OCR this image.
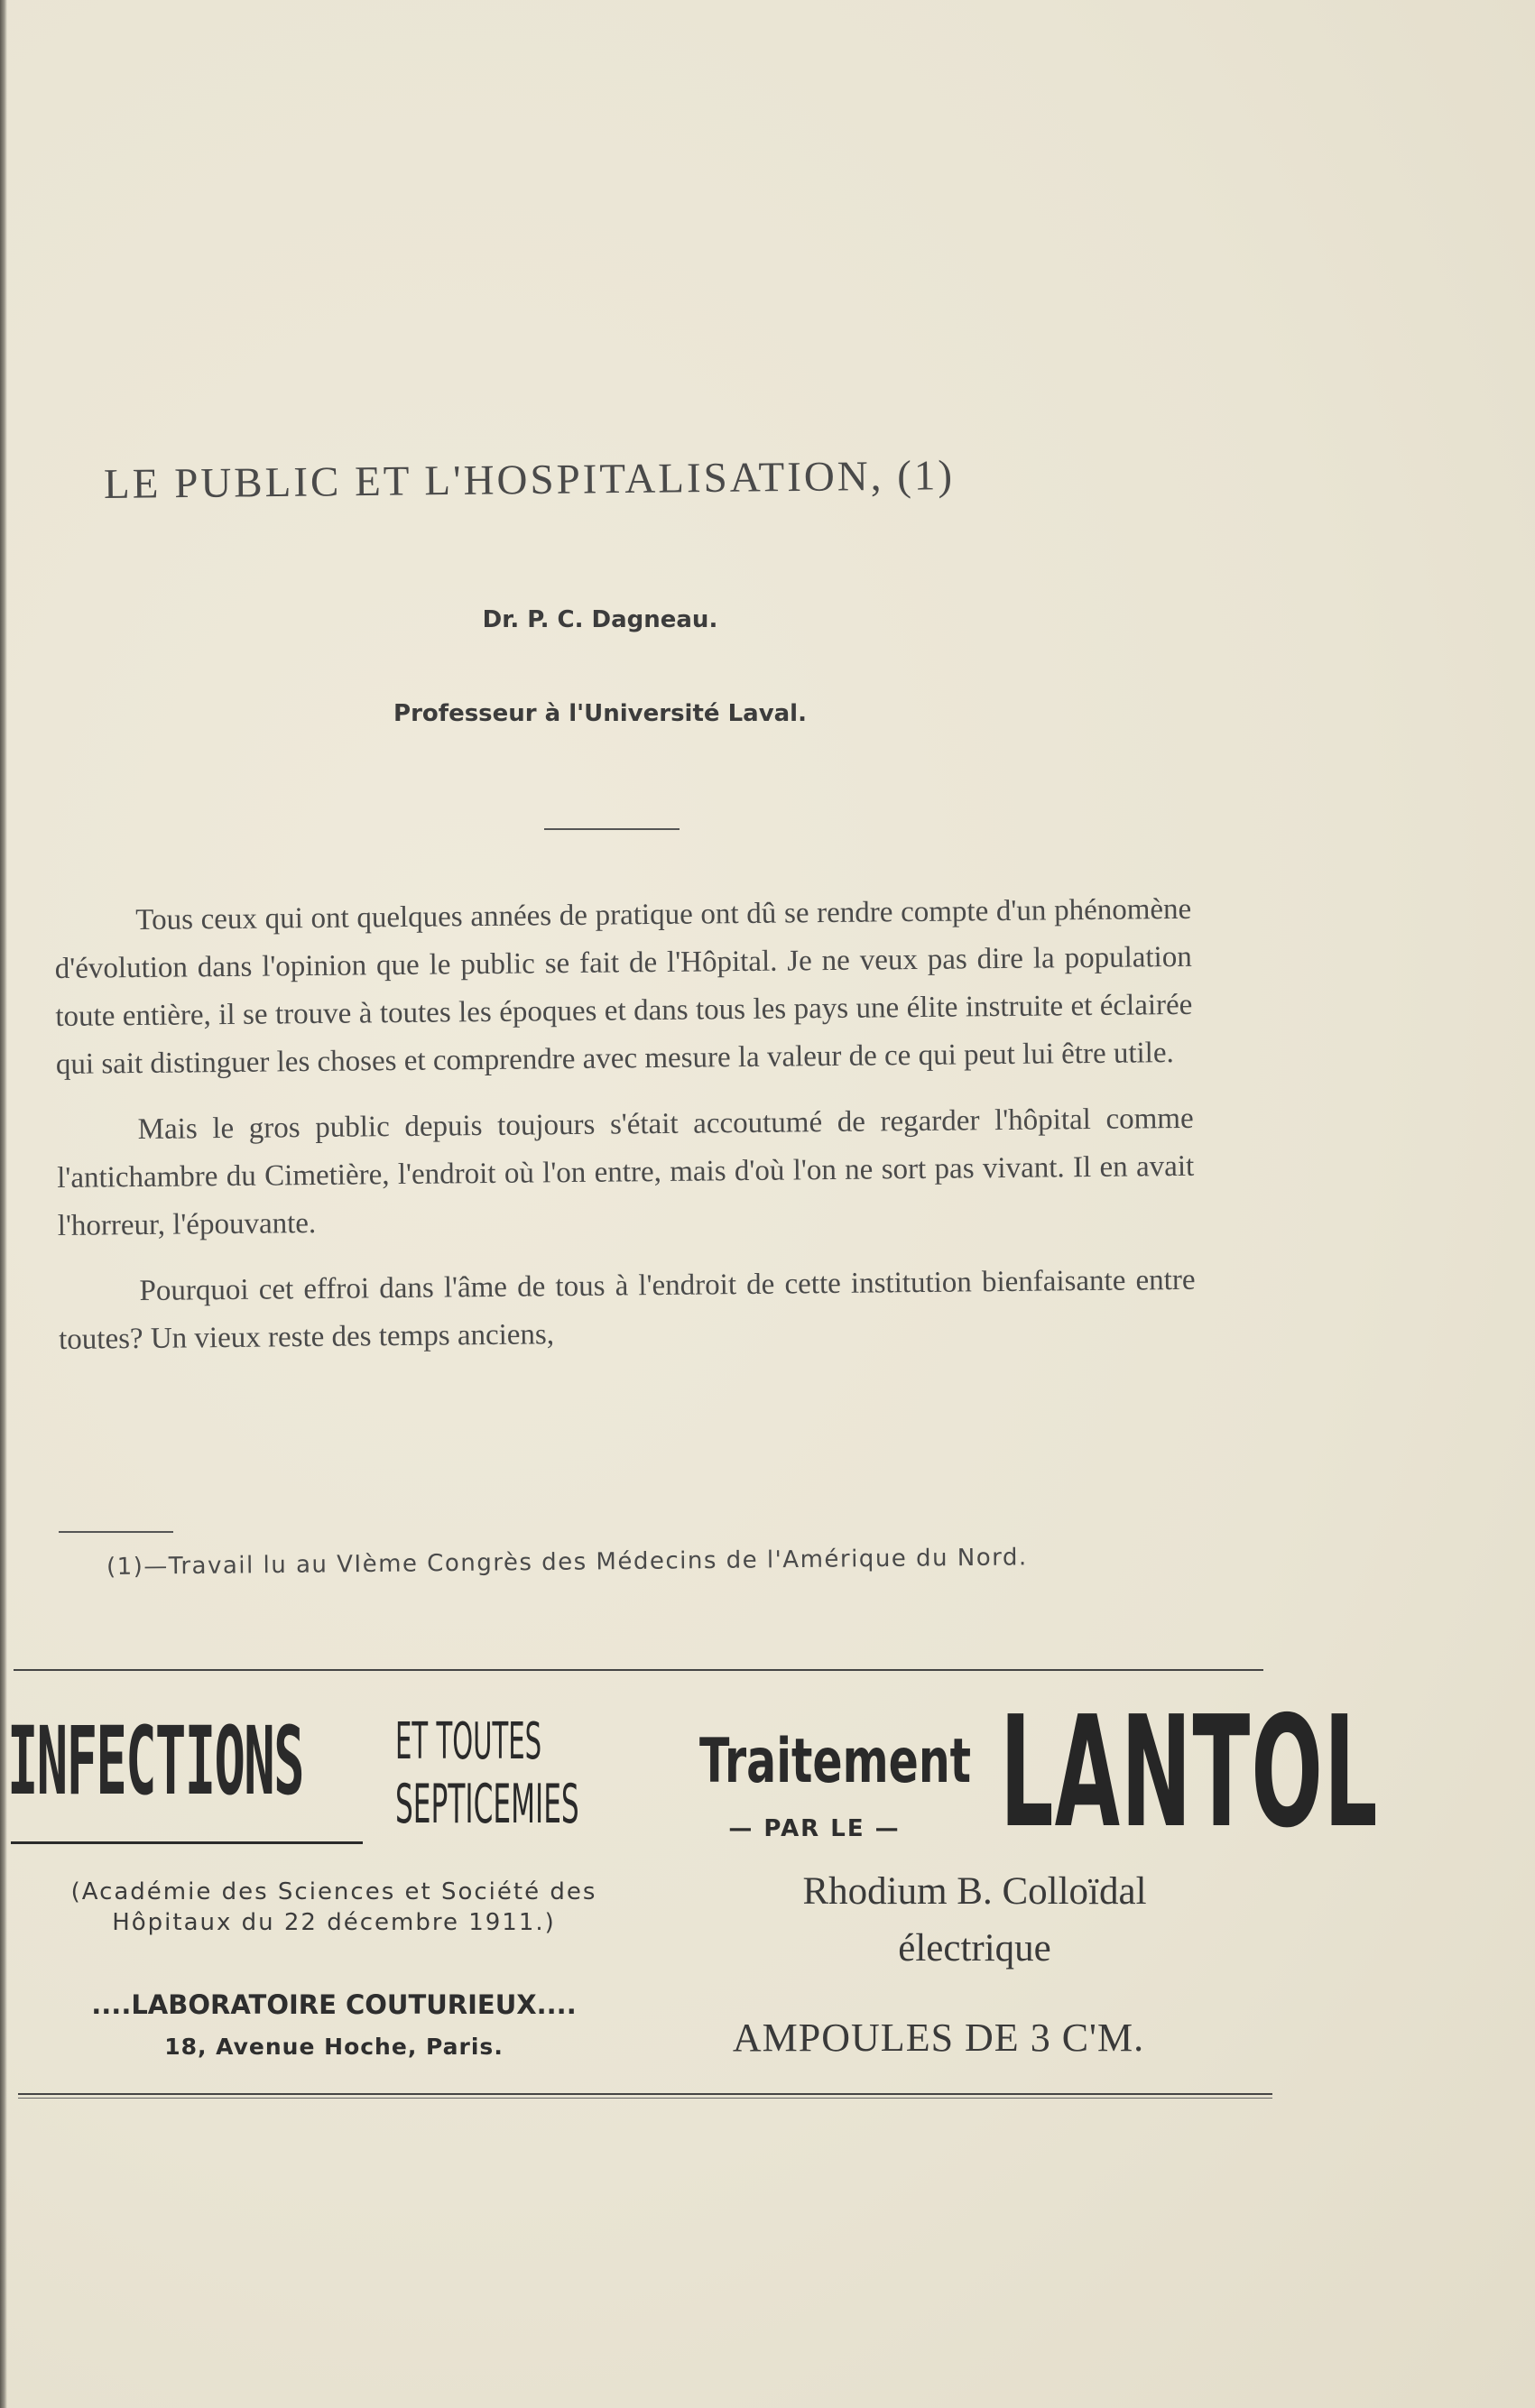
LE PUBLIC ET L'HOSPITALISATION, (1)
Dr. P. C. Dagneau.
Professeur à l'Université Laval.

Tous ceux qui ont quelques années de pratique ont dû se rendre compte d'un phénomène d'évolution dans l'opinion que le public se fait de l'Hôpital. Je ne veux pas dire la population toute entière, il se trouve à toutes les époques et dans tous les pays une élite instruite et éclairée qui sait distinguer les choses et comprendre avec mesure la valeur de ce qui peut lui être utile.

Mais le gros public depuis toujours s'était accoutumé de regarder l'hôpital comme l'antichambre du Cimetière, l'endroit où l'on entre, mais d'où l'on ne sort pas vivant. Il en avait l'horreur, l'épouvante.

Pourquoi cet effroi dans l'âme de tous à l'endroit de cette institution bienfaisante entre toutes? Un vieux reste des temps anciens,

(1)—Travail lu au VIème Congrès des Médecins de l'Amérique du Nord.
INFECTIONS ET TOUTES
SEPTICEMIES
(Académie des Sciences et Société des Hôpitaux du 22 décembre 1911.)
....LABORATOIRE COUTURIEUX....
18, Avenue Hoche, Paris.
Traitement
— PAR LE — LANTOL
Rhodium B. Colloïdal
électrique
AMPOULES DE 3 C'M.
